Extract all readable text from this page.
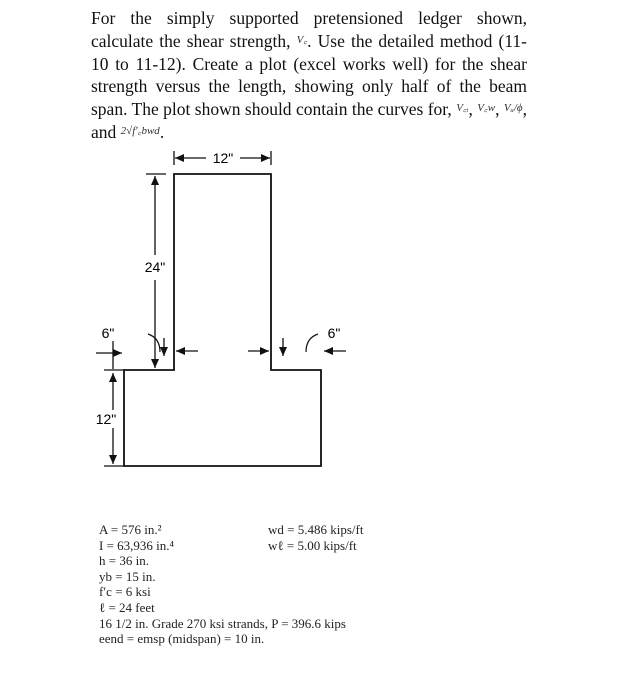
For the simply supported pretensioned ledger shown, calculate the shear strength, $^{V꜀}$. Use the detailed method (11-10 to 11-12). Create a plot (excel works well) for the shear strength versus the length, showing only half of the beam span. The plot shown should contain the curves for, $^{V꜀ᵢ}$, $^{V꜀w}$, $^{Vᵤ/\phi}$, and $^{2√f'꜀bwd}$.
12"
24"
6"
12"
6"
A = 576 in.²
I = 63,936 in.⁴
h = 36 in.
yb = 15 in.
f′c = 6 ksi
ℓ = 24 feet
16 1/2 in. Grade 270 ksi strands, P = 396.6 kips
eend = emsp (midspan) = 10 in.
wd = 5.486 kips/ft
wℓ = 5.00 kips/ft
